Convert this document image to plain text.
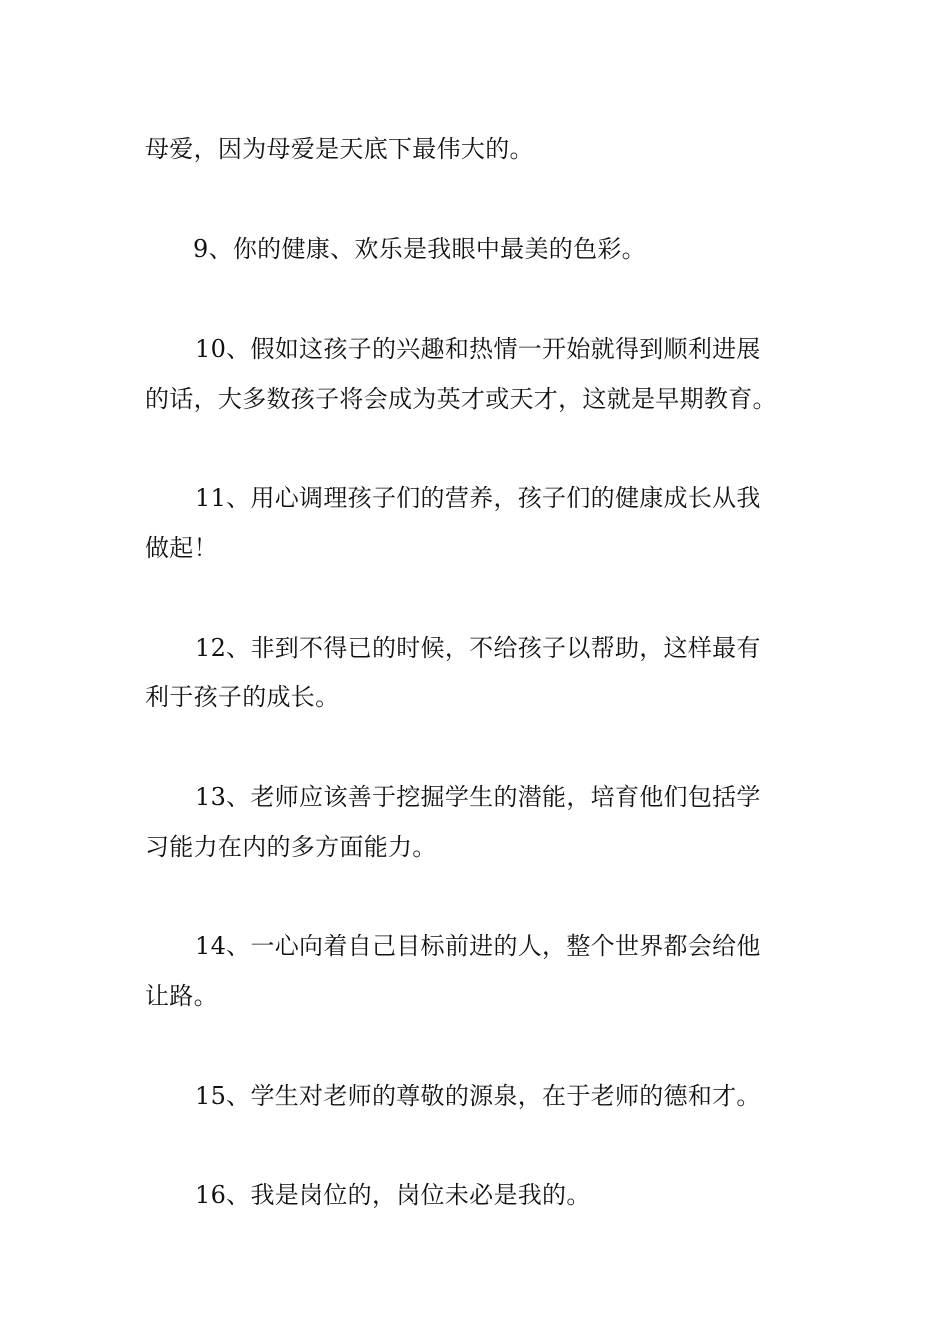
母爱，因为母爱是天底下最伟大的。
9、你的健康、欢乐是我眼中最美的色彩。
10、假如这孩子的兴趣和热情一开始就得到顺利进展
的话，大多数孩子将会成为英才或天才，这就是早期教育。
11、用心调理孩子们的营养，孩子们的健康成长从我
做起！
12、非到不得已的时候，不给孩子以帮助，这样最有
利于孩子的成长。
13、老师应该善于挖掘学生的潜能，培育他们包括学
习能力在内的多方面能力。
14、一心向着自己目标前进的人，整个世界都会给他
让路。
15、学生对老师的尊敬的源泉，在于老师的德和才。
16、我是岗位的，岗位未必是我的。
